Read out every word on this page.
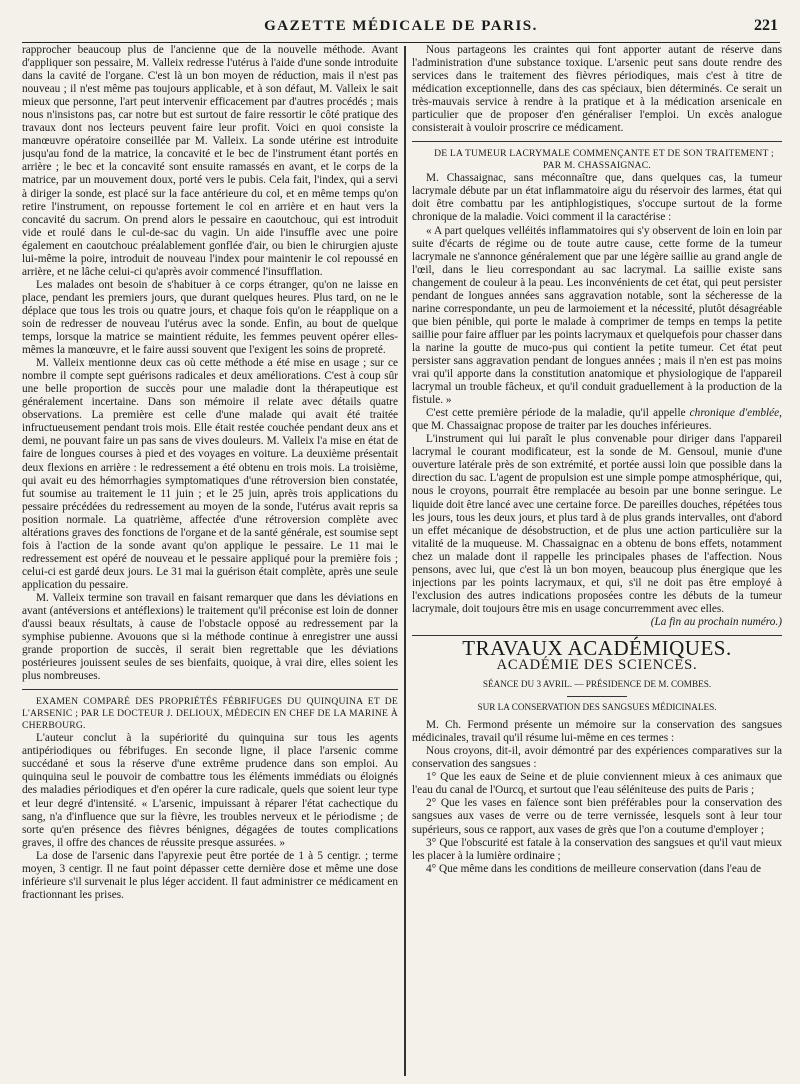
GAZETTE MÉDICALE DE PARIS.	221

rapprocher beaucoup plus de l'ancienne que de la nouvelle méthode. Avant d'appliquer son pessaire, M. Valleix redresse l'utérus à l'aide d'une sonde introduite dans la cavité de l'organe. C'est là un bon moyen de réduction, mais il n'est pas nouveau ; il n'est même pas toujours applicable, et à son défaut, M. Valleix le sait mieux que personne, l'art peut intervenir efficacement par d'autres procédés ; mais nous n'insistons pas, car notre but est surtout de faire ressortir le côté pratique des travaux dont nos lecteurs peuvent faire leur profit. Voici en quoi consiste la manœuvre opératoire conseillée par M. Valleix. La sonde utérine est introduite jusqu'au fond de la matrice, la concavité et le bec de l'instrument étant portés en arrière ; le bec et la concavité sont ensuite ramassés en avant, et le corps de la matrice, par un mouvement doux, porté vers le pubis. Cela fait, l'index, qui a servi à diriger la sonde, est placé sur la face antérieure du col, et en même temps qu'on retire l'instrument, on repousse fortement le col en arrière et en haut vers la concavité du sacrum. On prend alors le pessaire en caoutchouc, qui est introduit vide et roulé dans le cul-de-sac du vagin. Un aide l'insuffle avec une poire également en caoutchouc préalablement gonflée d'air, ou bien le chirurgien ajuste lui-même la poire, introduit de nouveau l'index pour maintenir le col repoussé en arrière, et ne lâche celui-ci qu'après avoir commencé l'insufflation.

Les malades ont besoin de s'habituer à ce corps étranger, qu'on ne laisse en place, pendant les premiers jours, que durant quelques heures. Plus tard, on ne le déplace que tous les trois ou quatre jours, et chaque fois qu'on le réapplique on a soin de redresser de nouveau l'utérus avec la sonde. Enfin, au bout de quelque temps, lorsque la matrice se maintient réduite, les femmes peuvent opérer elles-mêmes la manœuvre, et le faire aussi souvent que l'exigent les soins de propreté.

M. Valleix mentionne deux cas où cette méthode a été mise en usage ; sur ce nombre il compte sept guérisons radicales et deux améliorations. C'est à coup sûr une belle proportion de succès pour une maladie dont la thérapeutique est généralement incertaine. Dans son mémoire il relate avec détails quatre observations. La première est celle d'une malade qui avait été traitée infructueusement pendant trois mois. Elle était restée couchée pendant deux ans et demi, ne pouvant faire un pas sans de vives douleurs. M. Valleix l'a mise en état de faire de longues courses à pied et des voyages en voiture. La deuxième présentait deux flexions en arrière : le redressement a été obtenu en trois mois. La troisième, qui avait eu des hémorrhagies symptomatiques d'une rétroversion bien constatée, fut soumise au traitement le 11 juin ; et le 25 juin, après trois applications du pessaire précédées du redressement au moyen de la sonde, l'utérus avait repris sa position normale. La quatrième, affectée d'une rétroversion complète avec altérations graves des fonctions de l'organe et de la santé générale, est soumise sept fois à l'action de la sonde avant qu'on applique le pessaire. Le 11 mai le redressement est opéré de nouveau et le pessaire appliqué pour la première fois ; celui-ci est gardé deux jours. Le 31 mai la guérison était complète, après une seule application du pessaire.

M. Valleix termine son travail en faisant remarquer que dans les déviations en avant (antéversions et antéflexions) le traitement qu'il préconise est loin de donner d'aussi beaux résultats, à cause de l'obstacle opposé au redressement par la symphise pubienne. Avouons que si la méthode continue à enregistrer une aussi grande proportion de succès, il serait bien regrettable que les déviations postérieures jouissent seules de ses bienfaits, quoique, à vrai dire, elles soient les plus nombreuses.

EXAMEN COMPARÉ DES PROPRIÉTÉS FÉBRIFUGES DU QUINQUINA ET DE L'ARSENIC ; PAR LE DOCTEUR J. DELIOUX, MÉDECIN EN CHEF DE LA MARINE À CHERBOURG.

L'auteur conclut à la supériorité du quinquina sur tous les agents antipériodiques ou fébrifuges. En seconde ligne, il place l'arsenic comme succédané et sous la réserve d'une extrême prudence dans son emploi. Au quinquina seul le pouvoir de combattre tous les éléments immédiats ou éloignés des maladies périodiques et d'en opérer la cure radicale, quels que soient leur type et leur degré d'intensité. « L'arsenic, impuissant à réparer l'état cachectique du sang, n'a d'influence que sur la fièvre, les troubles nerveux et le périodisme ; de sorte qu'en présence des fièvres bénignes, dégagées de toutes complications graves, il offre des chances de réussite presque assurées. »

La dose de l'arsenic dans l'apyrexie peut être portée de 1 à 5 centigr. ; terme moyen, 3 centigr. Il ne faut point dépasser cette dernière dose et même une dose inférieure s'il survenait le plus léger accident. Il faut administrer ce médicament en fractionnant les prises.

Nous partageons les craintes qui font apporter autant de réserve dans l'administration d'une substance toxique. L'arsenic peut sans doute rendre des services dans le traitement des fièvres périodiques, mais c'est à titre de médication exceptionnelle, dans des cas spéciaux, bien déterminés. Ce serait un très-mauvais service à rendre à la pratique et à la médication arsenicale en particulier que de proposer d'en généraliser l'emploi. Un excès analogue consisterait à vouloir proscrire ce médicament.

DE LA TUMEUR LACRYMALE COMMENÇANTE ET DE SON TRAITEMENT ; PAR M. CHASSAIGNAC.

M. Chassaignac, sans méconnaître que, dans quelques cas, la tumeur lacrymale débute par un état inflammatoire aigu du réservoir des larmes, état qui doit être combattu par les antiphlogistiques, s'occupe surtout de la forme chronique de la maladie. Voici comment il la caractérise :

« A part quelques velléités inflammatoires qui s'y observent de loin en loin par suite d'écarts de régime ou de toute autre cause, cette forme de la tumeur lacrymale ne s'annonce généralement que par une légère saillie au grand angle de l'œil, dans le lieu correspondant au sac lacrymal. La saillie existe sans changement de couleur à la peau. Les inconvénients de cet état, qui peut persister pendant de longues années sans aggravation notable, sont la sécheresse de la narine correspondante, un peu de larmoiement et la nécessité, plutôt désagréable que bien pénible, qui porte le malade à comprimer de temps en temps la petite saillie pour faire affluer par les points lacrymaux et quelquefois pour chasser dans la narine la goutte de muco-pus qui contient la petite tumeur. Cet état peut persister sans aggravation pendant de longues années ; mais il n'en est pas moins vrai qu'il apporte dans la constitution anatomique et physiologique de l'appareil lacrymal un trouble fâcheux, et qu'il conduit graduellement à la production de la fistule. »

C'est cette première période de la maladie, qu'il appelle chronique d'emblée, que M. Chassaignac propose de traiter par les douches inférieures.

L'instrument qui lui paraît le plus convenable pour diriger dans l'appareil lacrymal le courant modificateur, est la sonde de M. Gensoul, munie d'une ouverture latérale près de son extrémité, et portée aussi loin que possible dans la direction du sac. L'agent de propulsion est une simple pompe atmosphérique, qui, nous le croyons, pourrait être remplacée au besoin par une bonne seringue. Le liquide doit être lancé avec une certaine force. De pareilles douches, répétées tous les jours, tous les deux jours, et plus tard à de plus grands intervalles, ont d'abord un effet mécanique de désobstruction, et de plus une action particulière sur la vitalité de la muqueuse. M. Chassaignac en a obtenu de bons effets, notamment chez un malade dont il rappelle les principales phases de l'affection. Nous pensons, avec lui, que c'est là un bon moyen, beaucoup plus énergique que les injections par les points lacrymaux, et qui, s'il ne doit pas être employé à l'exclusion des autres indications proposées contre les débuts de la tumeur lacrymale, doit toujours être mis en usage concurremment avec elles.

(La fin au prochain numéro.)

TRAVAUX ACADÉMIQUES.
ACADÉMIE DES SCIENCES.
SÉANCE DU 3 AVRIL. — PRÉSIDENCE DE M. COMBES.
SUR LA CONSERVATION DES SANGSUES MÉDICINALES.

M. Ch. Fermond présente un mémoire sur la conservation des sangsues médicinales, travail qu'il résume lui-même en ces termes :

Nous croyons, dit-il, avoir démontré par des expériences comparatives sur la conservation des sangsues :

1° Que les eaux de Seine et de pluie conviennent mieux à ces animaux que l'eau du canal de l'Ourcq, et surtout que l'eau séléniteuse des puits de Paris ;

2° Que les vases en faïence sont bien préférables pour la conservation des sangsues aux vases de verre ou de terre vernissée, lesquels sont à leur tour supérieurs, sous ce rapport, aux vases de grès que l'on a coutume d'employer ;

3° Que l'obscurité est fatale à la conservation des sangsues et qu'il vaut mieux les placer à la lumière ordinaire ;

4° Que même dans les conditions de meilleure conservation (dans l'eau de
